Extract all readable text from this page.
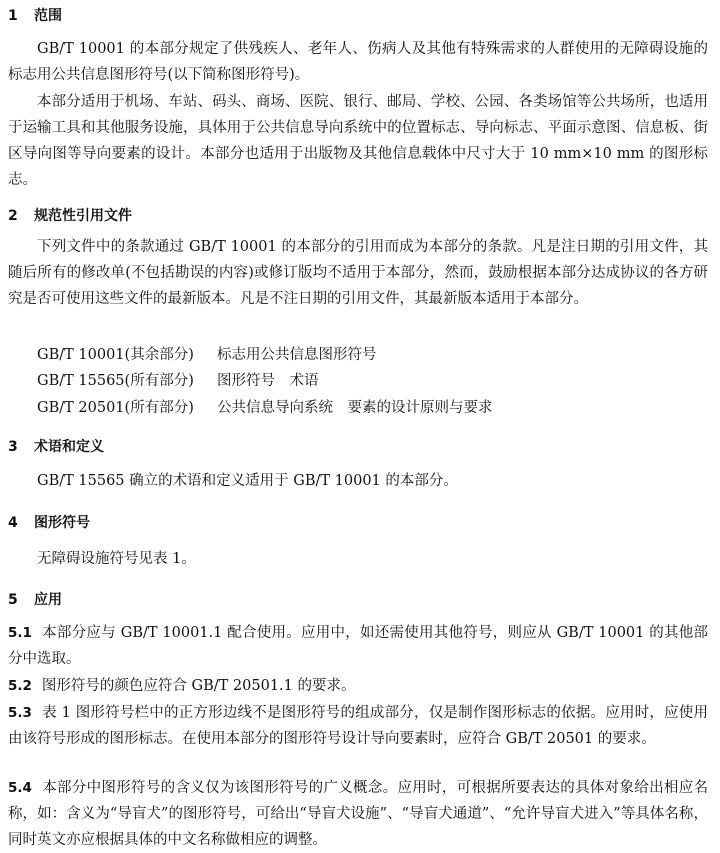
1 范围
GB/T 10001 的本部分规定了供残疾人、老年人、伤病人及其他有特殊需求的人群使用的无障碍设施的标志用公共信息图形符号(以下简称图形符号)。
本部分适用于机场、车站、码头、商场、医院、银行、邮局、学校、公园、各类场馆等公共场所，也适用于运输工具和其他服务设施，具体用于公共信息导向系统中的位置标志、导向标志、平面示意图、信息板、街区导向图等导向要素的设计。本部分也适用于出版物及其他信息载体中尺寸大于 10 mm×10 mm 的图形标志。
2 规范性引用文件
下列文件中的条款通过 GB/T 10001 的本部分的引用而成为本部分的条款。凡是注日期的引用文件，其随后所有的修改单(不包括勘误的内容)或修订版均不适用于本部分，然而，鼓励根据本部分达成协议的各方研究是否可使用这些文件的最新版本。凡是不注日期的引用文件，其最新版本适用于本部分。
GB/T 10001(其余部分) 标志用公共信息图形符号
GB/T 15565(所有部分) 图形符号　术语
GB/T 20501(所有部分) 公共信息导向系统　要素的设计原则与要求
3 术语和定义
GB/T 15565 确立的术语和定义适用于 GB/T 10001 的本部分。
4 图形符号
无障碍设施符号见表 1。
5 应用
5.1 本部分应与 GB/T 10001.1 配合使用。应用中，如还需使用其他符号，则应从 GB/T 10001 的其他部分中选取。
5.2 图形符号的颜色应符合 GB/T 20501.1 的要求。
5.3 表 1 图形符号栏中的正方形边线不是图形符号的组成部分，仅是制作图形标志的依据。应用时，应使用由该符号形成的图形标志。在使用本部分的图形符号设计导向要素时，应符合 GB/T 20501 的要求。
5.4 本部分中图形符号的含义仅为该图形符号的广义概念。应用时，可根据所要表达的具体对象给出相应名称，如：含义为“导盲犬”的图形符号，可给出“导盲犬设施”、“导盲犬通道”、“允许导盲犬进入”等具体名称，同时英文亦应根据具体的中文名称做相应的调整。
